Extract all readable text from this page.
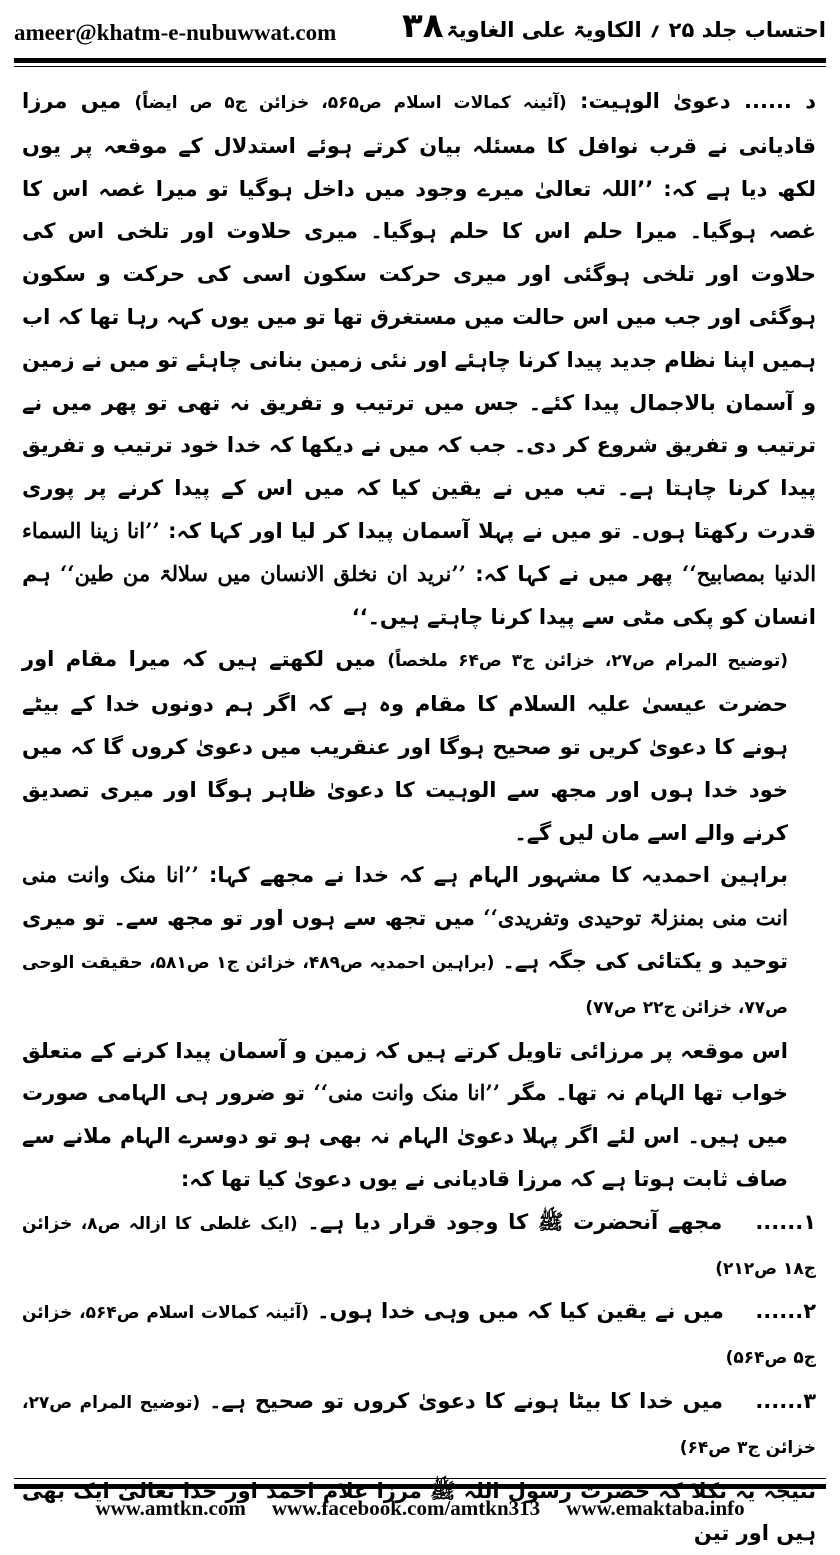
ameer@khatm-e-nubuwwat.com ۳۸ احتساب جلد ۲۵ ؍ الکاویۃ علی الغاویۃ

د ...... دعویٰ الوہیت: (آئینہ کمالات اسلام ص۵۶۵، خزائن ج۵ ص ایضاً) میں مرزا قادیانی نے قرب نوافل کا مسئلہ بیان کرتے ہوئے استدلال کے موقعہ پر یوں لکھ دیا ہے کہ: ’’اللہ تعالیٰ میرے وجود میں داخل ہوگیا تو میرا غصہ اس کا غصہ ہوگیا۔ میرا حلم اس کا حلم ہوگیا۔ میری حلاوت اور تلخی اس کی حلاوت اور تلخی ہوگئی اور میری حرکت سکون اسی کی حرکت و سکون ہوگئی اور جب میں اس حالت میں مستغرق تھا تو میں یوں کہہ رہا تھا کہ اب ہمیں اپنا نظام جدید پیدا کرنا چاہئے اور نئی زمین بنانی چاہئے تو میں نے زمین و آسمان بالاجمال پیدا کئے۔ جس میں ترتیب و تفریق نہ تھی تو پھر میں نے ترتیب و تفریق شروع کر دی۔ جب کہ میں نے دیکھا کہ خدا خود ترتیب و تفریق پیدا کرنا چاہتا ہے۔ تب میں نے یقین کیا کہ میں اس کے پیدا کرنے پر پوری قدرت رکھتا ہوں۔ تو میں نے پہلا آسمان پیدا کر لیا اور کہا کہ: ’’انا زینا السماء الدنیا بمصابیح‘‘ پھر میں نے کہا کہ: ’’نرید ان نخلق الانسان میں سلالۃ من طین‘‘ ہم انسان کو پکی مٹی سے پیدا کرنا چاہتے ہیں۔‘‘

(توضیح المرام ص۲۷، خزائن ج۳ ص۶۴ ملخصاً) میں لکھتے ہیں کہ میرا مقام اور حضرت عیسیٰ علیہ السلام کا مقام وہ ہے کہ اگر ہم دونوں خدا کے بیٹے ہونے کا دعویٰ کریں تو صحیح ہوگا اور عنقریب میں دعویٰ کروں گا کہ میں خود خدا ہوں اور مجھ سے الوہیت کا دعویٰ ظاہر ہوگا اور میری تصدیق کرنے والے اسے مان لیں گے۔

براہین احمدیہ کا مشہور الہام ہے کہ خدا نے مجھے کہا: ’’انا منک وانت منی انت منی بمنزلۃ توحیدی وتفریدی‘‘ میں تجھ سے ہوں اور تو مجھ سے۔ تو میری توحید و یکتائی کی جگہ ہے۔ (براہین احمدیہ ص۴۸۹، خزائن ج۱ ص۵۸۱، حقیقت الوحی ص۷۷، خزائن ج۲۲ ص۷۷)

اس موقعہ پر مرزائی تاویل کرتے ہیں کہ زمین و آسمان پیدا کرنے کے متعلق خواب تھا الہام نہ تھا۔ مگر ’’انا منک وانت منی‘‘ تو ضرور ہی الہامی صورت میں ہیں۔ اس لئے اگر پہلا دعویٰ الہام نہ بھی ہو تو دوسرے الہام ملانے سے صاف ثابت ہوتا ہے کہ مرزا قادیانی نے یوں دعویٰ کیا تھا کہ:

۱...... مجھے آنحضرت ﷺ کا وجود قرار دیا ہے۔ (ایک غلطی کا ازالہ ص۸، خزائن ج۱۸ ص۲۱۲)

۲...... میں نے یقین کیا کہ میں وہی خدا ہوں۔ (آئینہ کمالات اسلام ص۵۶۴، خزائن ج۵ ص۵۶۴)

۳...... میں خدا کا بیٹا ہونے کا دعویٰ کروں تو صحیح ہے۔ (توضیح المرام ص۲۷، خزائن ج۳ ص۶۴)

نتیجہ یہ نکلا کہ حضرت رسول اللہ ﷺ مرزا غلام احمد اور خدا تعالیٰ ایک بھی ہیں اور تین

www.amtkn.com www.facebook.com/amtkn313 www.emaktaba.info
